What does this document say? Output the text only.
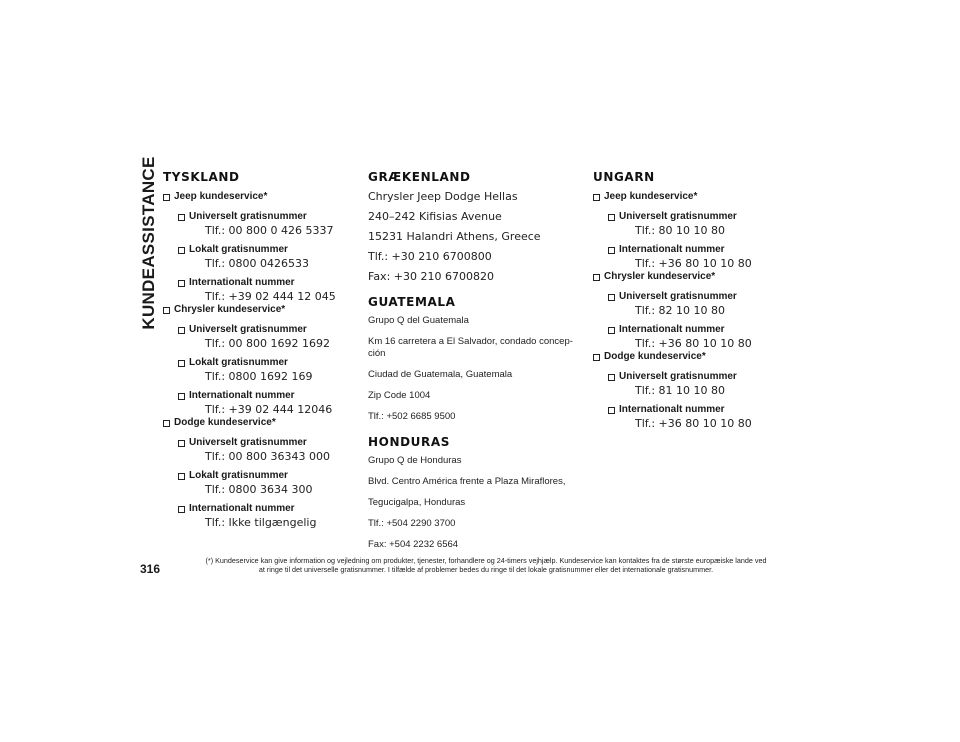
KUNDEASSISTANCE TYSKLAND
Jeep kundeservice*
Universelt gratisnummer
Tlf.: 00 800 0 426 5337
Lokalt gratisnummer
Tlf.: 0800 0426533
Internationalt nummer
Tlf.: +39 02 444 12 045
Chrysler kundeservice*
Universelt gratisnummer
Tlf.: 00 800 1692 1692
Lokalt gratisnummer
Tlf.: 0800 1692 169
Internationalt nummer
Tlf.: +39 02 444 12046
Dodge kundeservice*
Universelt gratisnummer
Tlf.: 00 800 36343 000
Lokalt gratisnummer
Tlf.: 0800 3634 300
Internationalt nummer
Tlf.: Ikke tilgængelig
GRÆKENLAND

Chrysler Jeep Dodge Hellas

240–242 Kifisias Avenue

15231 Halandri Athens, Greece

Tlf.: +30 210 6700800

Fax: +30 210 6700820

GUATEMALA

Grupo Q del Guatemala

Km 16 carretera a El Salvador, condado concep-ción

Ciudad de Guatemala, Guatemala

Zip Code 1004

Tlf.: +502 6685 9500

HONDURAS

Grupo Q de Honduras

Blvd. Centro América frente a Plaza Miraflores,

Tegucigalpa, Honduras

Tlf.: +504 2290 3700

Fax: +504 2232 6564

UNGARN
Jeep kundeservice*
Universelt gratisnummer
Tlf.: 80 10 10 80
Internationalt nummer
Tlf.: +36 80 10 10 80
Chrysler kundeservice*
Universelt gratisnummer
Tlf.: 82 10 10 80
Internationalt nummer
Tlf.: +36 80 10 10 80
Dodge kundeservice*
Universelt gratisnummer
Tlf.: 81 10 10 80
Internationalt nummer
Tlf.: +36 80 10 10 80
316
(*) Kundeservice kan give information og vejledning om produkter, tjenester, forhandlere og 24-timers vejhjælp. Kundeservice kan kontaktes fra de største europæiske lande ved
at ringe til det universelle gratisnummer. I tilfælde af problemer bedes du ringe til det lokale gratisnummer eller det internationale gratisnummer.
